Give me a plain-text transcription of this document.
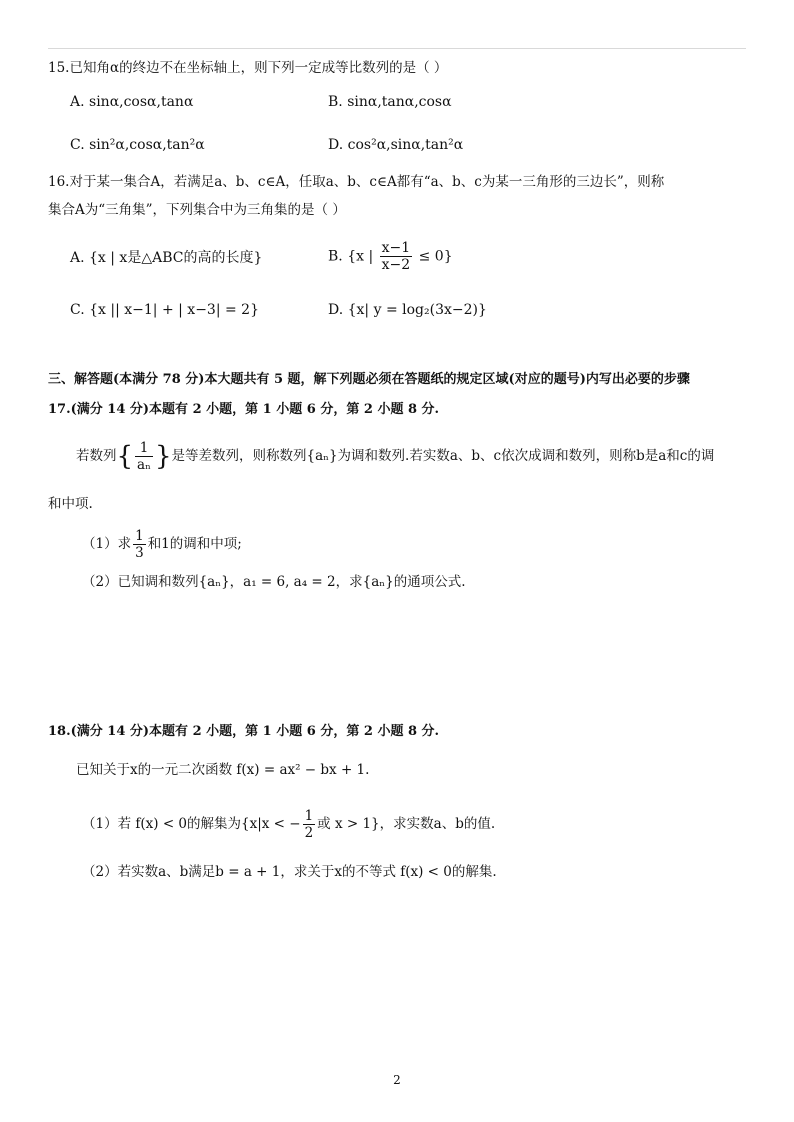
15.已知角α的终边不在坐标轴上，则下列一定成等比数列的是（ ）
A. sinα,cosα,tanα	B. sinα,tanα,cosα
C. sin²α,cosα,tan²α	D. cos²α,sinα,tan²α
16.对于某一集合A，若满足a、b、c∈A，任取a、b、c∈A都有“a、b、c为某一三角形的三边长”，则称
集合A为“三角集”，下列集合中为三角集的是（ ）
A. {x | x是△ABC的高的长度}	B. {x | $\frac{x-1}{x-2} \le 0$}
C. {x || x−1| + | x−3| = 2}	D. {x| y = log₂(3x−2)}
三、解答题(本满分 78 分)本大题共有 5 题，解下列题必须在答题纸的规定区域(对应的题号)内写出必要的步骤
17.(满分 14 分)本题有 2 小题，第 1 小题 6 分，第 2 小题 8 分.
若数列{ $\frac{1}{\text{aₙ}}$ }是等差数列，则称数列{aₙ}为调和数列.若实数a、b、c依次成调和数列，则称b是a和c的调
和中项.
（1）求 $\frac{1}{3}$ 和1的调和中项;
（2）已知调和数列{aₙ}，a₁ = 6, a₄ = 2，求{aₙ}的通项公式.
18.(满分 14 分)本题有 2 小题，第 1 小题 6 分，第 2 小题 8 分.
已知关于x的一元二次函数 f(x) = ax² − bx + 1.
（1）若 f(x) < 0的解集为{x|x < − $\frac{1}{2}$ 或 x > 1}，求实数a、b的值.
（2）若实数a、b满足b = a + 1，求关于x的不等式 f(x) < 0的解集.
2
